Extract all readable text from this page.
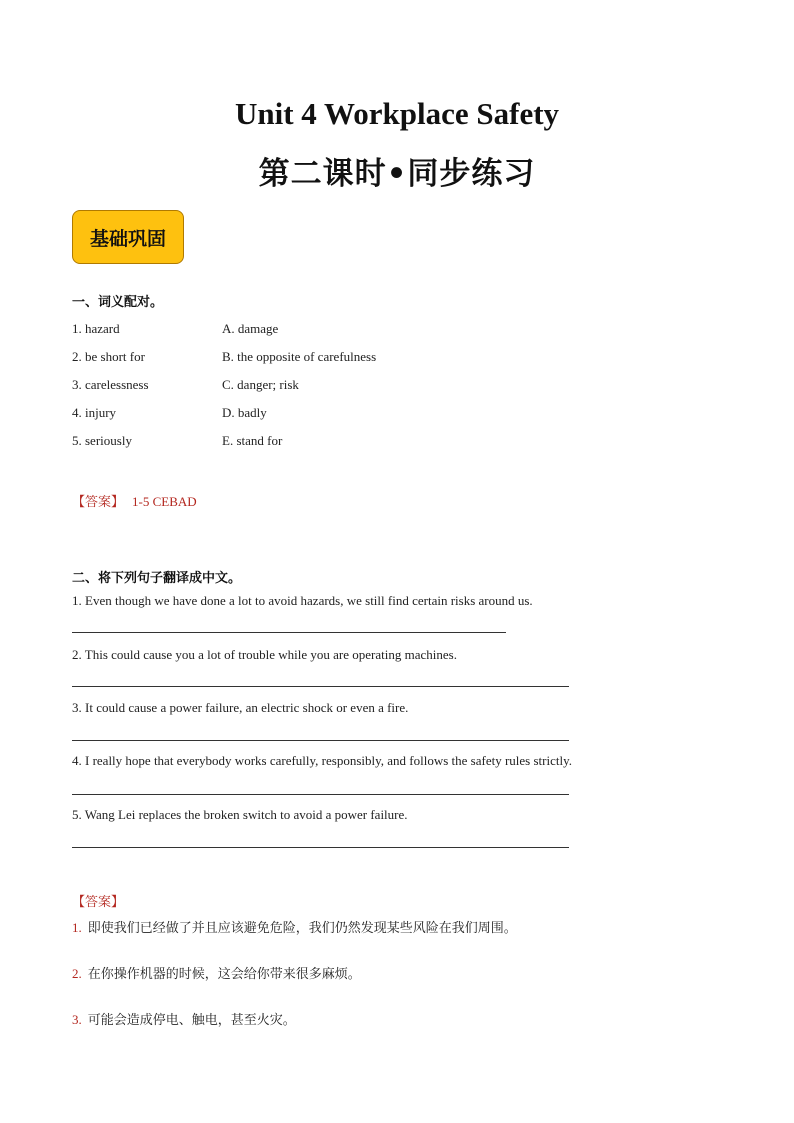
Unit 4 Workplace Safety
第二课时•同步练习
基础巩固
一、词义配对。
1. hazard	A. damage
2. be short for	B. the opposite of carefulness
3. carelessness	C. danger; risk
4. injury	D. badly
5. seriously	E. stand for
【答案】 1-5 CEBAD
二、将下列句子翻译成中文。
1. Even though we have done a lot to avoid hazards, we still find certain risks around us.
2. This could cause you a lot of trouble while you are operating machines.
3. It could cause a power failure, an electric shock or even a fire.
4. I really hope that everybody works carefully, responsibly, and follows the safety rules strictly.
5. Wang Lei replaces the broken switch to avoid a power failure.
【答案】
1. 即使我们已经做了并且应该避免危险，我们仍然发现某些风险在我们周围。
2. 在你操作机器的时候，这会给你带来很多麻烦。
3. 可能会造成停电、触电，甚至火灾。
